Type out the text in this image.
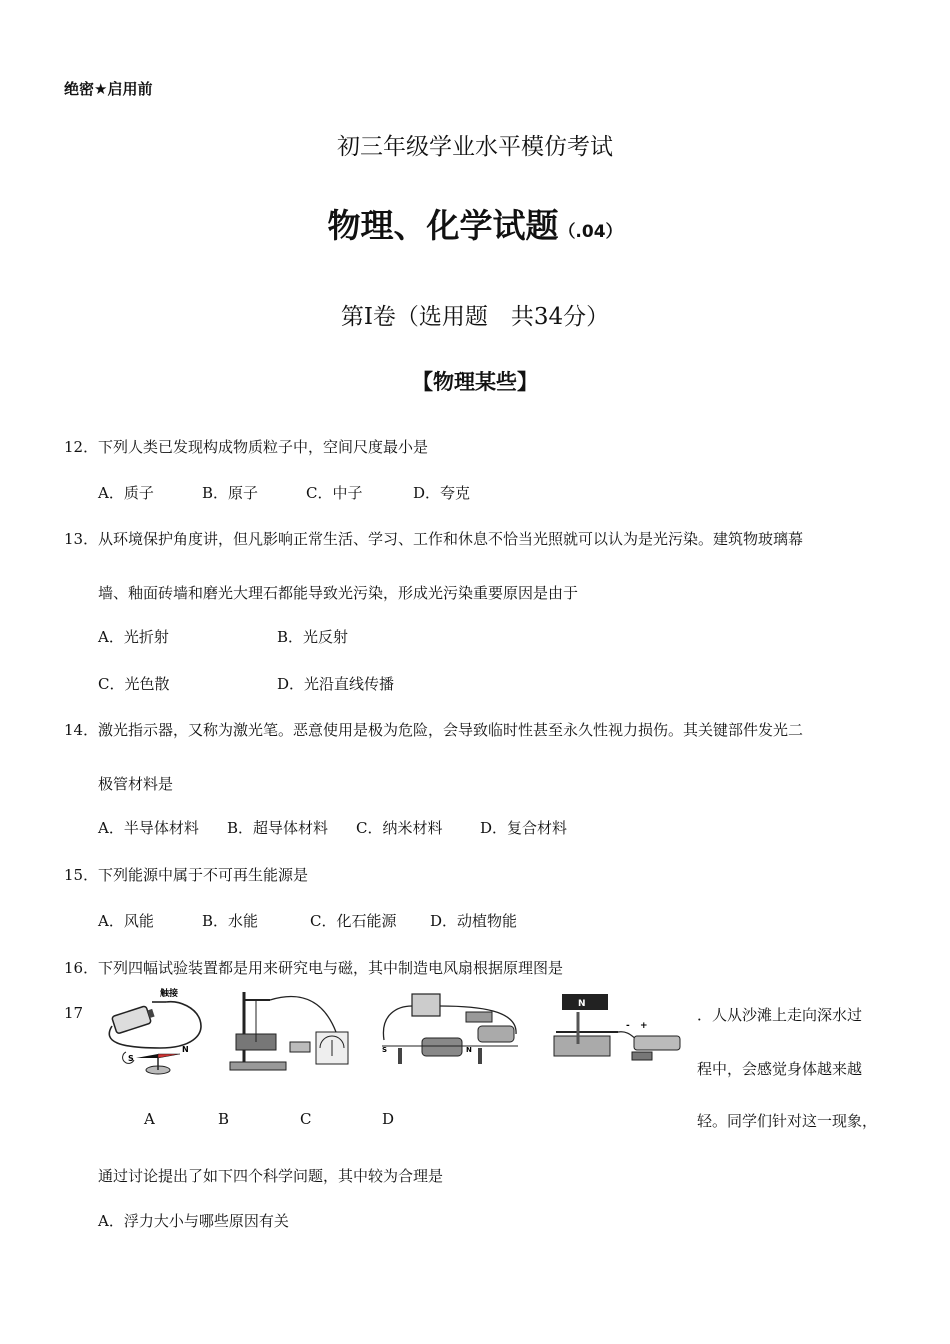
绝密★启用前
初三年级学业水平模仿考试
物理、化学试题（.04）
第Ⅰ卷（选用题　共34分）
【物理某些】
12． 下列人类已发现构成物质粒子中，空间尺度最小是
A．质子	B．原子	C．中子	D．夸克
13． 从环境保护角度讲，但凡影响正常生活、学习、工作和休息不恰当光照就可以认为是光污染。建筑物玻璃幕
墙、釉面砖墙和磨光大理石都能导致光污染，形成光污染重要原因是由于
A．光折射	B．光反射
C．光色散	D．光沿直线传播
14． 激光指示器，又称为激光笔。恶意使用是极为危险，会导致临时性甚至永久性视力损伤。其关键部件发光二
极管材料是
A．半导体材料 B．超导体材料 C．纳米材料	D．复合材料
15． 下列能源中属于不可再生能源是
A．风能	B．水能	C．化石能源 D．动植物能
16． 下列四幅试验装置都是用来研究电与磁，其中制造电风扇根据原理图是
17
触接
S
N	S	N
N
- +
A	B	C	D
．人从沙滩上走向深水过
程中，会感觉身体越来越
轻。同学们针对这一现象，
通过讨论提出了如下四个科学问题，其中较为合理是
A．浮力大小与哪些原因有关
